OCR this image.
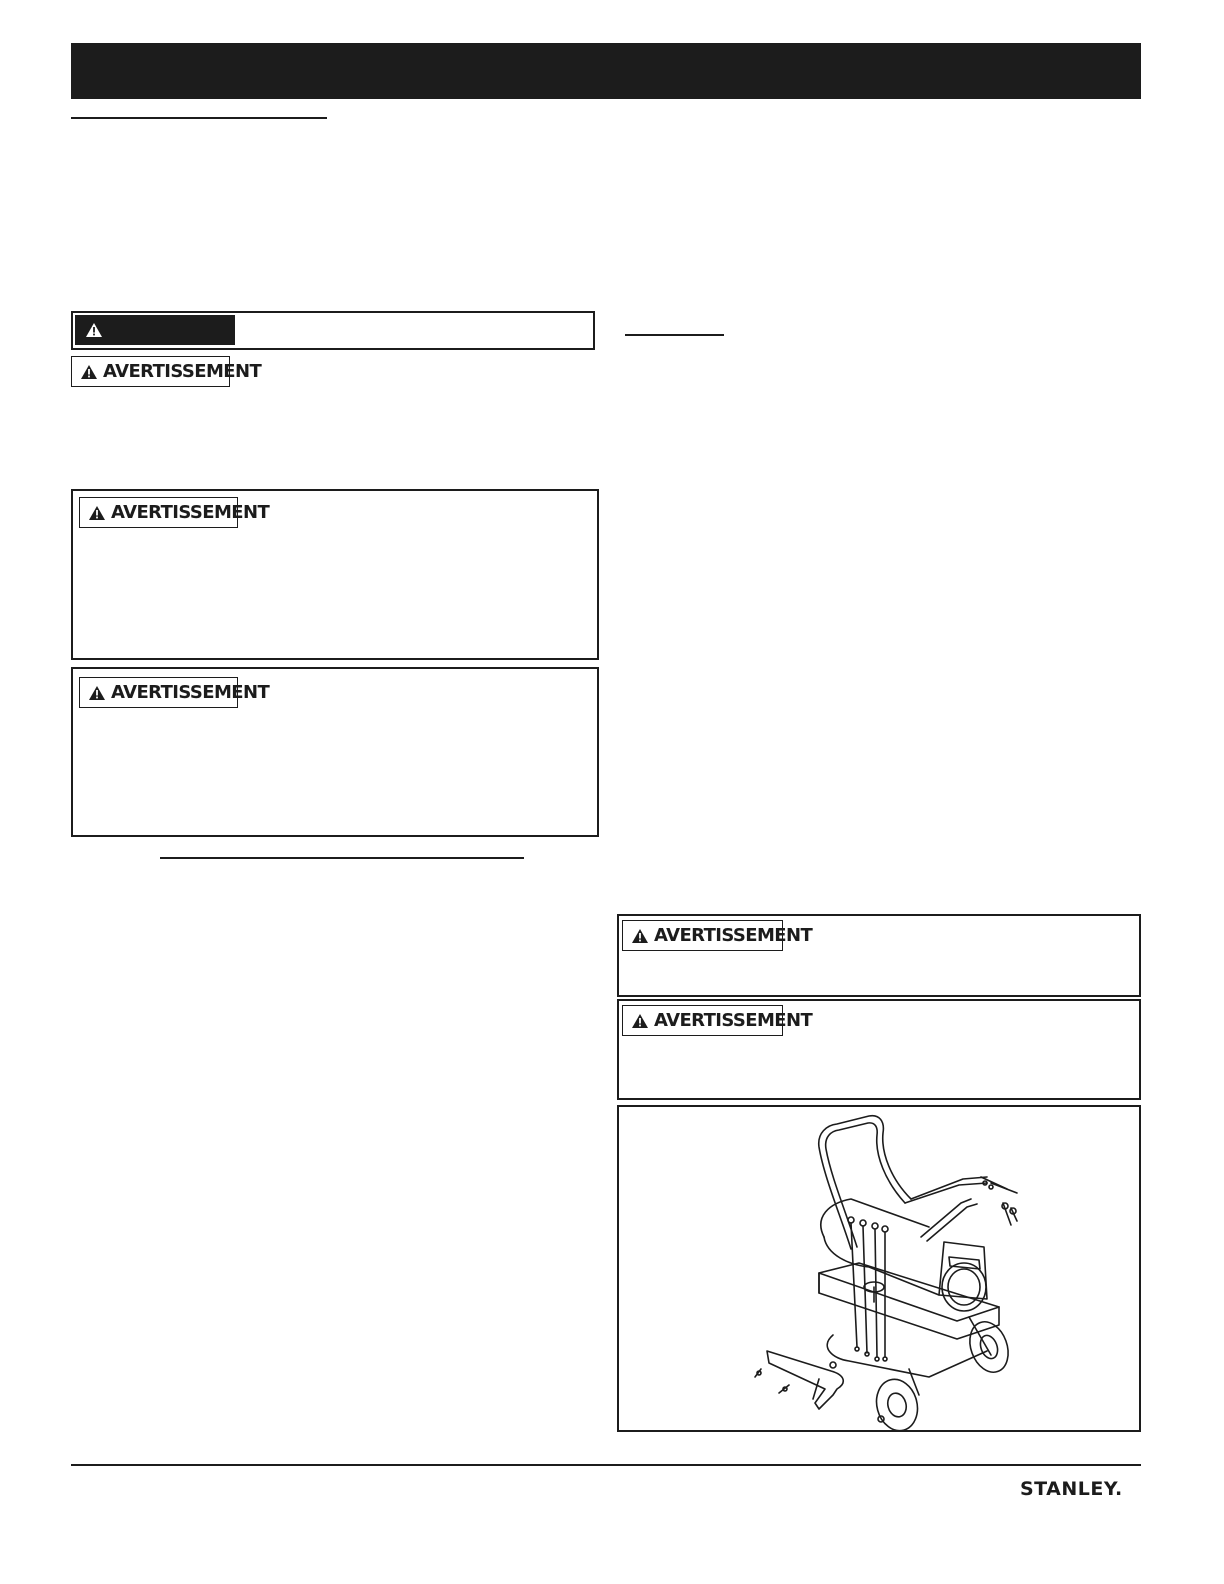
AVERTISSEMENT
AVERTISSEMENT
AVERTISSEMENT
AVERTISSEMENT
AVERTISSEMENT
STANLEY.
